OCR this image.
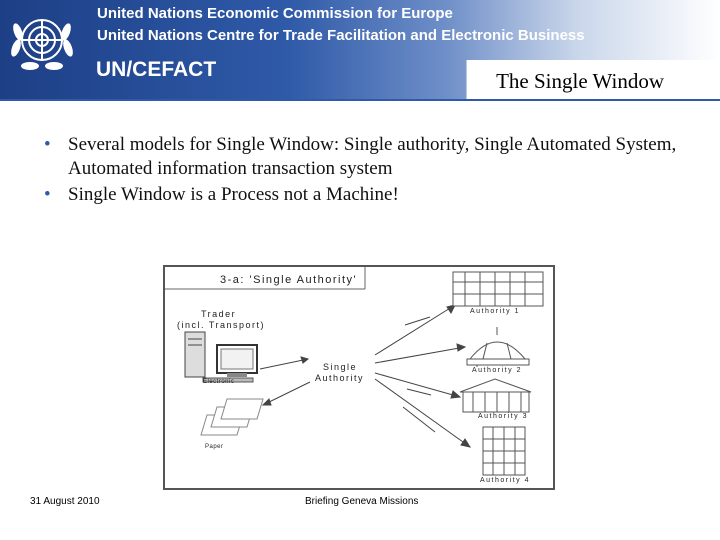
United Nations Economic Commission for Europe
United Nations Centre for Trade Facilitation and Electronic Business
UN/CEFACT	The Single Window
• Several models for Single Window: Single authority, Single Automated System, Automated information transaction system
• Single Window is a Process not a Machine!
3-a: 'Single Authority'
Trader
(incl. Transport)
Electronic
Paper
Single
Authority
Authority 1
Authority 2
Authority 3
Authority 4
31 August 2010	Briefing Geneva Missions
